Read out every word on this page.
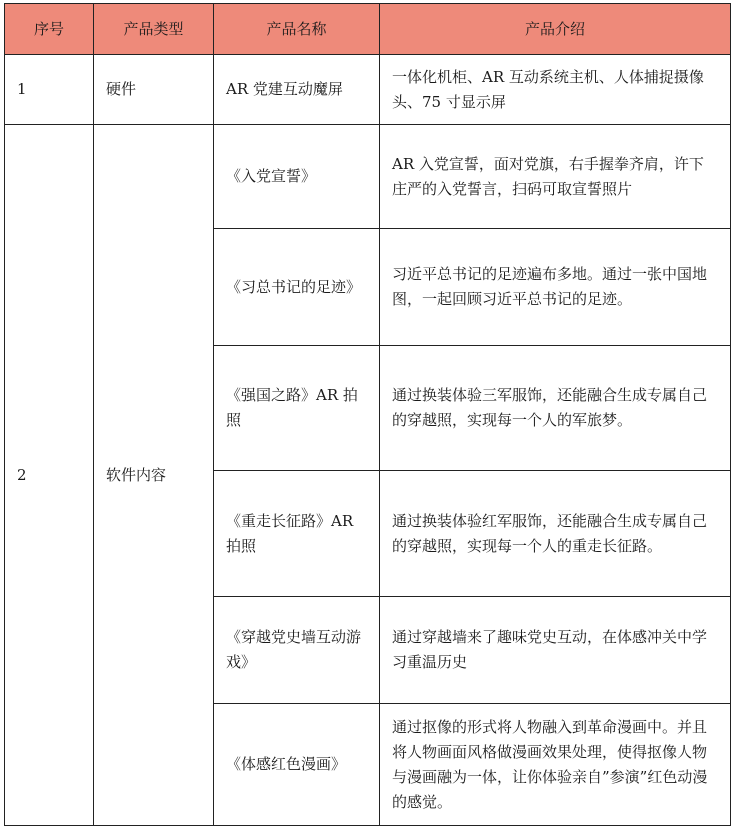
序号	产品类型	产品名称	产品介绍
1	硬件	AR 党建互动魔屏	一体化机柜、AR 互动系统主机、人体捕捉摄像头、75 寸显示屏
2	软件内容	《入党宣誓》	AR 入党宣誓，面对党旗，右手握拳齐肩，许下庄严的入党誓言，扫码可取宣誓照片
		《习总书记的足迹》	习近平总书记的足迹遍布多地。通过一张中国地图，一起回顾习近平总书记的足迹。
		《强国之路》AR 拍照	通过换装体验三军服饰，还能融合生成专属自己的穿越照，实现每一个人的军旅梦。
		《重走长征路》AR 拍照	通过换装体验红军服饰，还能融合生成专属自己的穿越照，实现每一个人的重走长征路。
		《穿越党史墙互动游戏》	通过穿越墙来了趣味党史互动，在体感冲关中学习重温历史
		《体感红色漫画》	通过抠像的形式将人物融入到革命漫画中。并且将人物画面风格做漫画效果处理，使得抠像人物与漫画融为一体，让你体验亲自”参演”红色动漫的感觉。
